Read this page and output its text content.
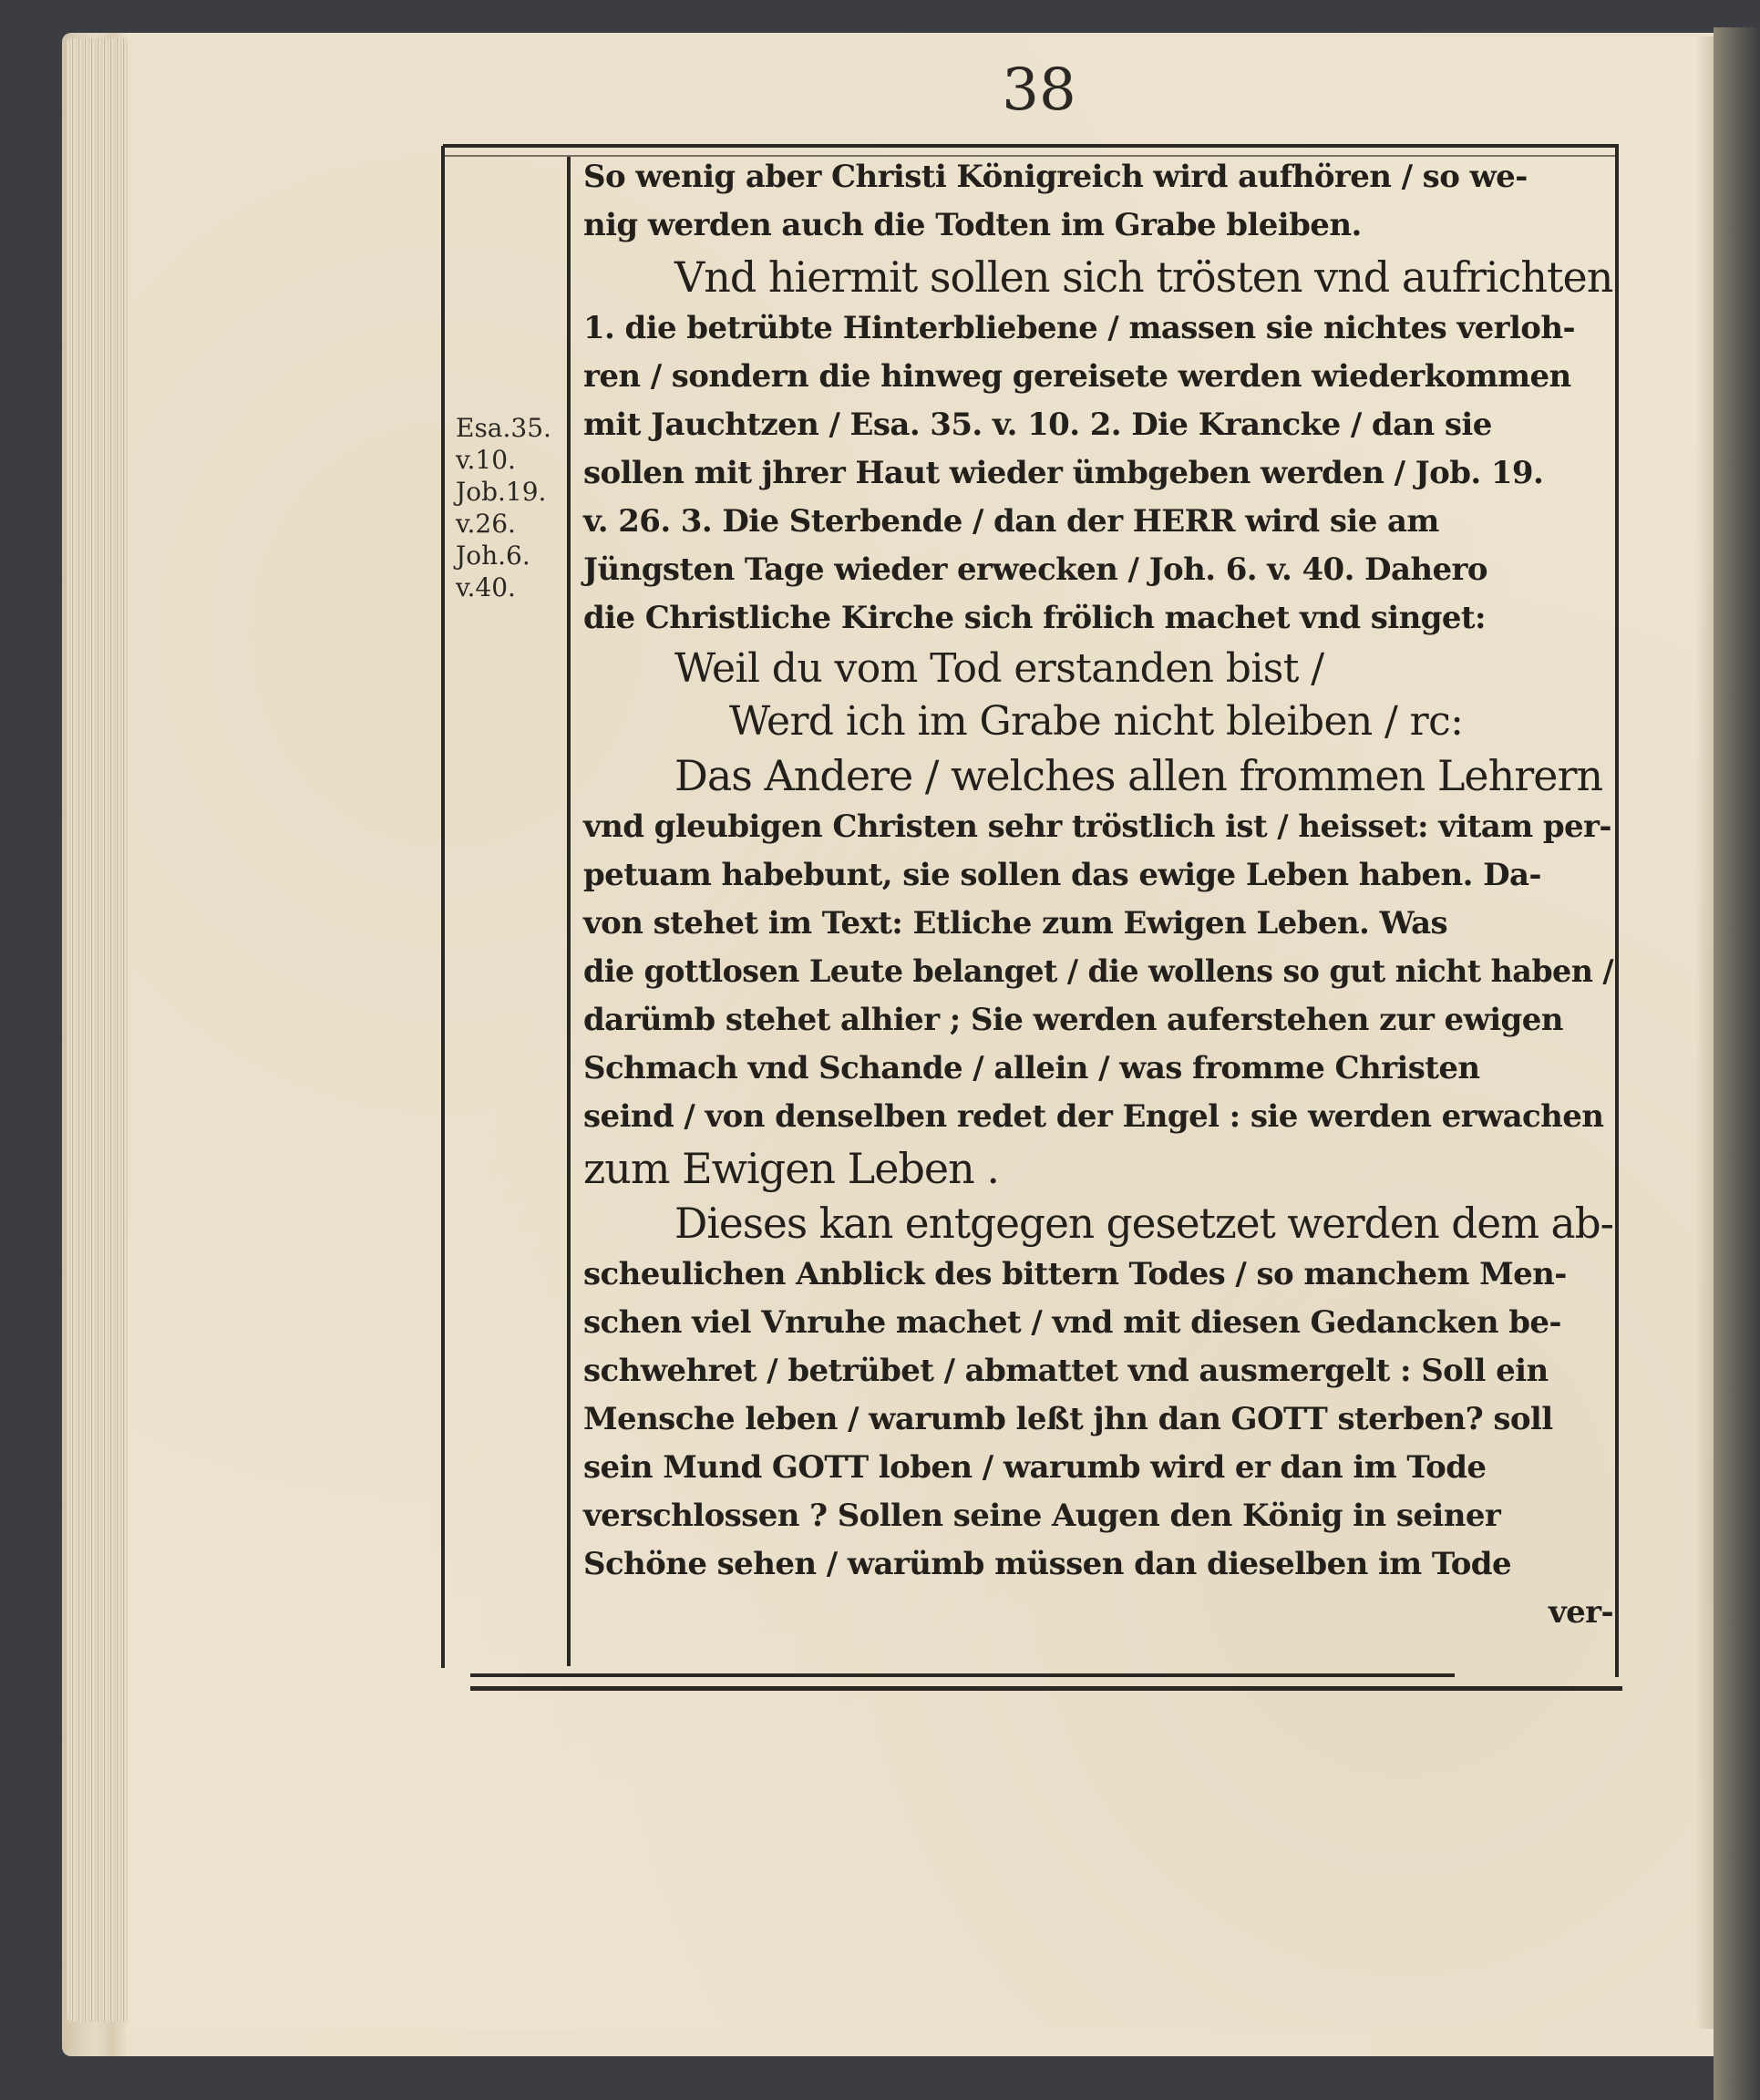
38
Esa.35.
v.10.
Job.19.
v.26.
Joh.6.
v.40.
So wenig aber Christi Königreich wird aufhören / so we-
nig werden auch die Todten im Grabe bleiben.
Vnd hiermit sollen sich trösten vnd aufrichten
1. die betrübte Hinterbliebene / massen sie nichtes verloh-
ren / sondern die hinweg gereisete werden wiederkommen
mit Jauchtzen / Esa. 35. v. 10. 2. Die Krancke / dan sie
sollen mit jhrer Haut wieder ümbgeben werden / Job. 19.
v. 26. 3. Die Sterbende / dan der HERR wird sie am
Jüngsten Tage wieder erwecken / Joh. 6. v. 40. Dahero
die Christliche Kirche sich frölich machet vnd singet:
Weil du vom Tod erstanden bist /
Werd ich im Grabe nicht bleiben / rc:
Das Andere / welches allen frommen Lehrern
vnd gleubigen Christen sehr tröstlich ist / heisset: vitam per-
petuam habebunt, sie sollen das ewige Leben haben. Da-
von stehet im Text: Etliche zum Ewigen Leben. Was
die gottlosen Leute belanget / die wollens so gut nicht haben /
darümb stehet alhier ; Sie werden auferstehen zur ewigen
Schmach vnd Schande / allein / was fromme Christen
seind / von denselben redet der Engel : sie werden erwachen
zum Ewigen Leben .
Dieses kan entgegen gesetzet werden dem ab-
scheulichen Anblick des bittern Todes / so manchem Men-
schen viel Vnruhe machet / vnd mit diesen Gedancken be-
schwehret / betrübet / abmattet vnd ausmergelt : Soll ein
Mensche leben / warumb leßt jhn dan GOTT sterben? soll
sein Mund GOTT loben / warumb wird er dan im Tode
verschlossen ? Sollen seine Augen den König in seiner
Schöne sehen / warümb müssen dan dieselben im Tode
ver-
